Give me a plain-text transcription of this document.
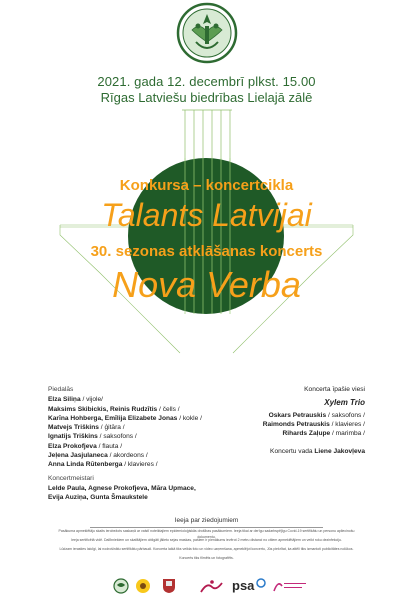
2021. gada 12. decembrī plkst. 15.00
Rīgas Latviešu biedrības Lielajā zālē
Konkursa – koncertcikla
Talants Latvijai
30. sezonas atklāšanas koncerts
Nova Verba
Piedalās
Elza Siliņa / vijole/
Maksims Skibickis, Reinis Rudzītis / čells /
Karīna Hohberga, Emīlija Elizabete Jonas / kokle /
Matvejs Triškins / ģitāra /
Ignatijs Triškins / saksofons /
Elza Prokofjeva / flauta /
Jeļena Jasjulaneca / akordeons /
Anna Linda Rūtenberga / klavieres /
Koncertmeistari
Lelde Paula, Agnese Prokofjeva, Māra Upmace,
Evija Auziņa, Gunta Šmaukstele
Koncerta īpašie viesi
Xylem Trio
Oskars Petrauskis / saksofons /
Raimonds Petrauskis / klavieres /
Rihards Zaļupe / marimba /
Koncertu vada Liene Jakovļeva
Ieeja par ziedojumiem
Pasākuma apmeklētāju skaits ierobežots saskaņā ar valstī noteiktajiem epidemioloģiskās drošības pasākumiem. Ieeja tikai ar derīgu sadarbspējīgu Covid-19 sertifikātu un personu apliecinošu dokumentu.
Ieeja sertificētā vidē. Dalībniekiem un skatītājiem obligāti jālieto sejas maskas, pašiem ir pienākums ievērot 2 metru distanci no citiem apmeklētājiem un veikt roku dezinfekciju.
Lūdzam ierasties laicīgi, lai nodrošinātu sertifikātu pārbaudi. Koncerta laikā tiks veikta foto un video uzņemšana, apmeklējot koncertu, Jūs piekrītat, ka attēli tiks izmantoti publicitātes nolūkos.
Koncerts tiks filmēts un fotografēts.
psa
